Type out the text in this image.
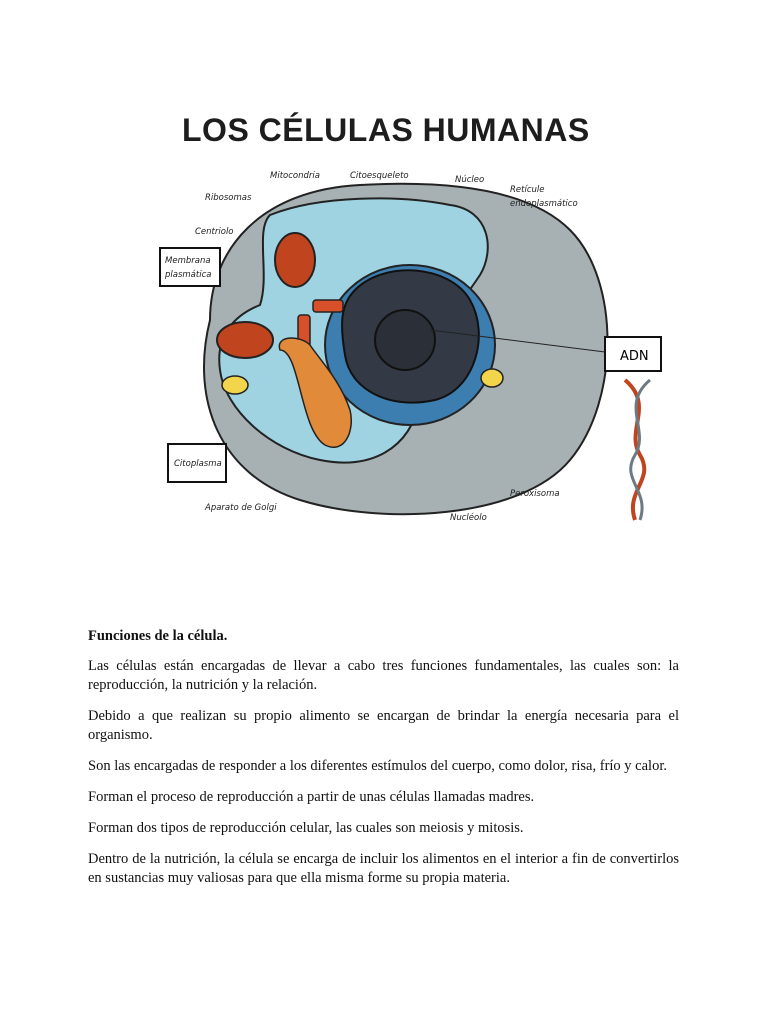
LOS CÉLULAS HUMANAS
ADN
Mitocondria	Citoesqueleto	Núcleo
Retícule
endoplasmático
Ribosomas
Centriolo
Membrana
plasmática
Citoplasma
Peroxisoma
Nucléolo
Aparato de Golgi
Funciones de la célula.

Las células están encargadas de llevar a cabo tres funciones fundamentales, las cuales son: la reproducción, la nutrición y la relación.

Debido a que realizan su propio alimento se encargan de brindar la energía necesaria para el organismo.

Son las encargadas de responder a los diferentes estímulos del cuerpo, como dolor, risa, frío y calor.

Forman el proceso de reproducción a partir de unas células llamadas madres.

Forman dos tipos de reproducción celular, las cuales son meiosis y mitosis.

Dentro de la nutrición, la célula se encarga de incluir los alimentos en el interior a fin de convertirlos en sustancias muy valiosas para que ella misma forme su propia materia.
